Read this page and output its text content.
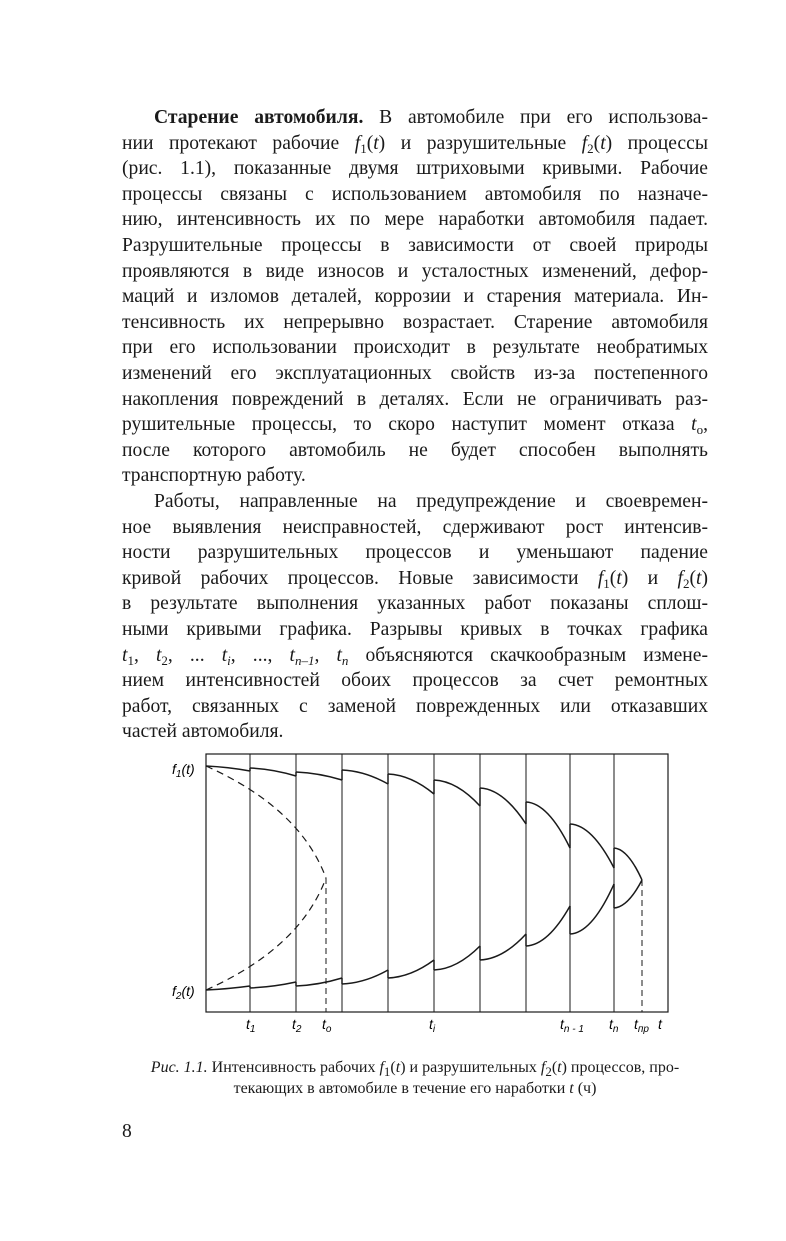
Старение автомобиля. В автомобиле при его использова-
нии протекают рабочие $f_1(t)$ и разрушительные $f_2(t)$ процессы
(рис. 1.1), показанные двумя штриховыми кривыми. Рабочие
процессы связаны с использованием автомобиля по назначе-
нию, интенсивность их по мере наработки автомобиля падает.
Разрушительные процессы в зависимости от своей природы
проявляются в виде износов и усталостных изменений, дефор-
маций и изломов деталей, коррозии и старения материала. Ин-
тенсивность их непрерывно возрастает. Старение автомобиля
при его использовании происходит в результате необратимых
изменений его эксплуатационных свойств из-за постепенного
накопления повреждений в деталях. Если не ограничивать раз-
рушительные процессы, то скоро наступит момент отказа $t_о$,
после которого автомобиль не будет способен выполнять
транспортную работу.
Работы, направленные на предупреждение и своевремен-
ное выявления неисправностей, сдерживают рост интенсив-
ности разрушительных процессов и уменьшают падение
кривой рабочих процессов. Новые зависимости $f_1(t)$ и $f_2(t)$
в результате выполнения указанных работ показаны сплош-
ными кривыми графика. Разрывы кривых в точках графика
$t_1$, $t_2$, ... $t_i$, ..., $t_{n-1}$, $t_n$ объясняются скачкообразным измене-
нием интенсивностей обоих процессов за счет ремонтных
работ, связанных с заменой поврежденных или отказавших
частей автомобиля.
$f_1(t)$
$f_2(t)$
$t_1$	$t_2$ $t_о$	$t_i$	$t_{n - 1}$ $t_n$ $t_{пр}$ t

Рис. 1.1. Интенсивность рабочих $f_1(t)$ и разрушительных $f_2(t)$ процессов, про-
текающих в автомобиле в течение его наработки t (ч)

8
